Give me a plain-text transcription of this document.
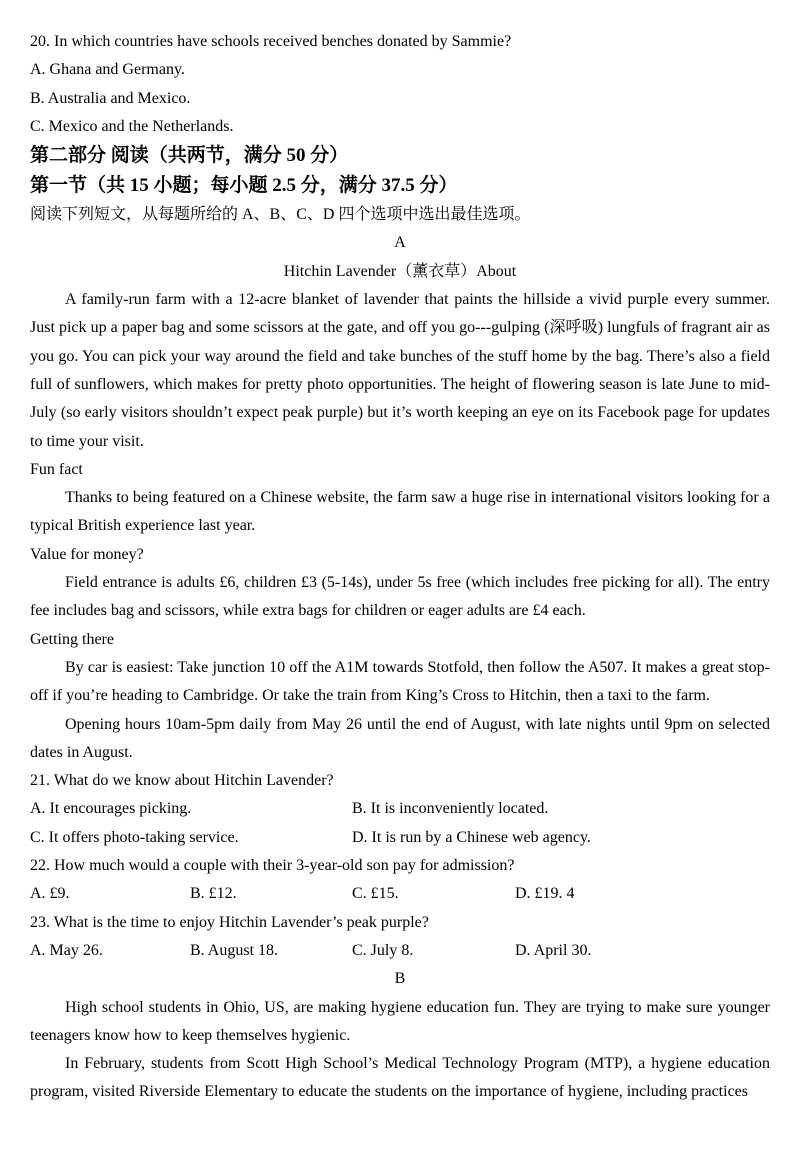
20. In which countries have schools received benches donated by Sammie?
A. Ghana and Germany.
B. Australia and Mexico.
C. Mexico and the Netherlands.
第二部分 阅读（共两节，满分 50 分）
第一节（共 15 小题；每小题 2.5 分，满分 37.5 分）
阅读下列短文，从每题所给的 A、B、C、D 四个选项中选出最佳选项。
A
Hitchin Lavender（薰衣草）About

A family-run farm with a 12-acre blanket of lavender that paints the hillside a vivid purple every summer. Just pick up a paper bag and some scissors at the gate, and off you go---gulping (深呼吸) lungfuls of fragrant air as you go. You can pick your way around the field and take bunches of the stuff home by the bag. There’s also a field full of sunflowers, which makes for pretty photo opportunities. The height of flowering season is late June to mid-July (so early visitors shouldn’t expect peak purple) but it’s worth keeping an eye on its Facebook page for updates to time your visit.

Fun fact

Thanks to being featured on a Chinese website, the farm saw a huge rise in international visitors looking for a typical British experience last year.

Value for money?

Field entrance is adults £6, children £3 (5-14s), under 5s free (which includes free picking for all). The entry fee includes bag and scissors, while extra bags for children or eager adults are £4 each.

Getting there

By car is easiest: Take junction 10 off the A1M towards Stotfold, then follow the A507. It makes a great stop-off if you’re heading to Cambridge. Or take the train from King’s Cross to Hitchin, then a taxi to the farm.

Opening hours 10am-5pm daily from May 26 until the end of August, with late nights until 9pm on selected dates in August.

21. What do we know about Hitchin Lavender?
A. It encourages picking.	B. It is inconveniently located.
C. It offers photo-taking service.	D. It is run by a Chinese web agency.
22. How much would a couple with their 3-year-old son pay for admission?
A. £9.	B. £12.	C. £15.	D. £19. 4
23. What is the time to enjoy Hitchin Lavender’s peak purple?
A. May 26.	B. August 18.	C. July 8.	D. April 30.
B

High school students in Ohio, US, are making hygiene education fun. They are trying to make sure younger teenagers know how to keep themselves hygienic.

In February, students from Scott High School’s Medical Technology Program (MTP), a hygiene education program, visited Riverside Elementary to educate the students on the importance of hygiene, including practices
